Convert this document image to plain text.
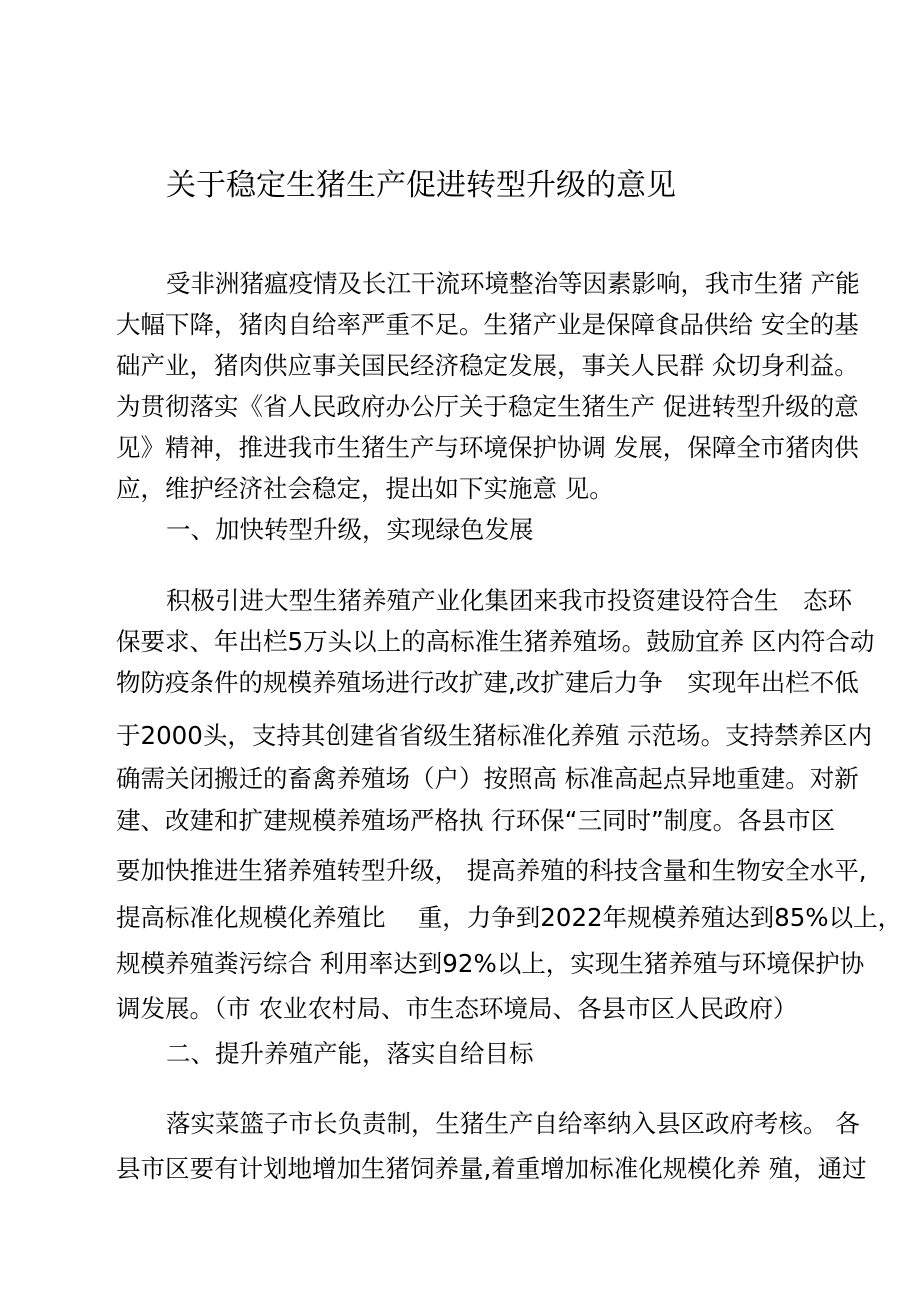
关于稳定生猪生产促进转型升级的意见

受非洲猪瘟疫情及长江干流环境整治等因素影响，我市生猪 产能

大幅下降，猪肉自给率严重不足。生猪产业是保障食品供给 安全的基

础产业，猪肉供应事关国民经济稳定发展，事关人民群 众切身利益。

为贯彻落实《省人民政府办公厅关于稳定生猪生产 促进转型升级的意

见》精神，推进我市生猪生产与环境保护协调 发展，保障全市猪肉供

应，维护经济社会稳定，提出如下实施意 见。

一、加快转型升级，实现绿色发展

积极引进大型生猪养殖产业化集团来我市投资建设符合生　态环

保要求、年出栏5万头以上的高标准生猪养殖场。鼓励宜养 区内符合动

物防疫条件的规模养殖场进行改扩建,改扩建后力争　实现年出栏不低

于2000头，支持其创建省省级生猪标准化养殖 示范场。支持禁养区内

确需关闭搬迁的畜禽养殖场（户）按照高 标准高起点异地重建。对新

建、改建和扩建规模养殖场严格执 行环保“三同时”制度。各县市区

要加快推进生猪养殖转型升级， 提高养殖的科技含量和生物安全水平,

提高标准化规模化养殖比　 重，力争到2022年规模养殖达到85%以上，

规模养殖粪污综合 利用率达到92%以上，实现生猪养殖与环境保护协

调发展。（市 农业农村局、市生态环境局、各县市区人民政府）

二、提升养殖产能，落实自给目标

落实菜篮子市长负责制，生猪生产自给率纳入县区政府考核。 各

县市区要有计划地增加生猪饲养量,着重增加标准化规模化养 殖，通过
